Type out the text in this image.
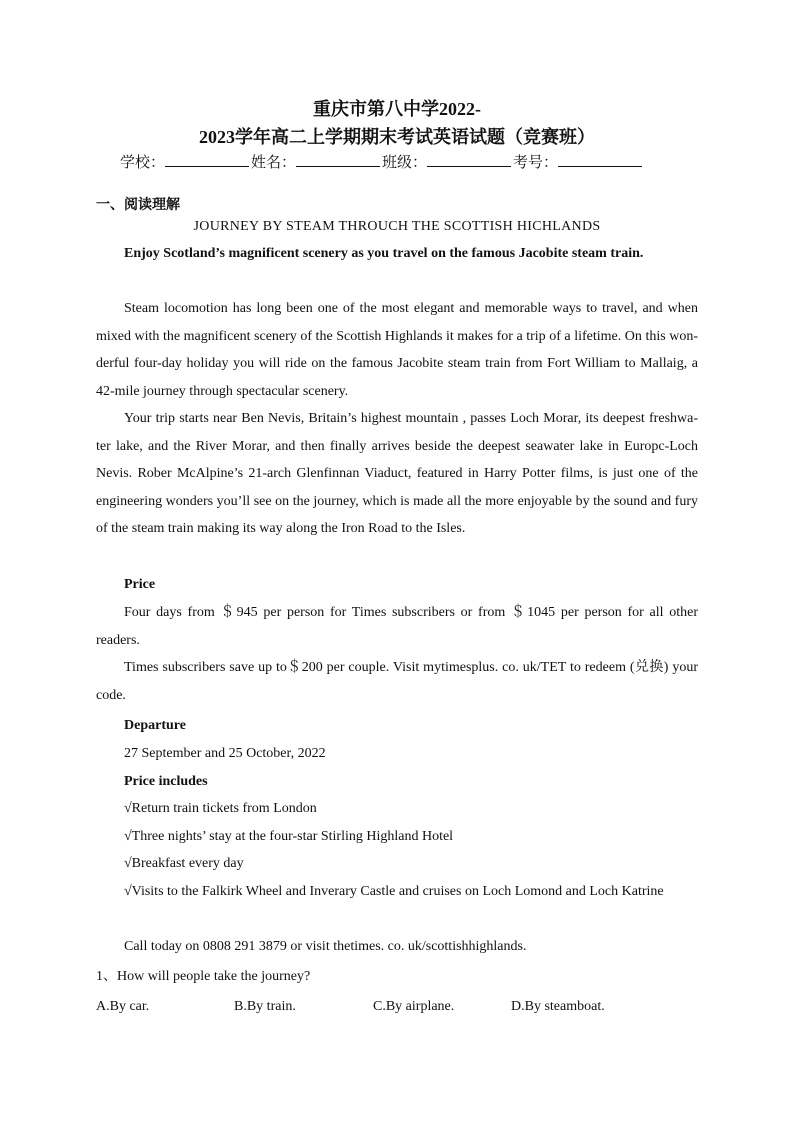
重庆市第八中学2022-
2023学年高二上学期期末考试英语试题（竞赛班）
学校：	姓名：	班级：	考号：
一、阅读理解
JOURNEY BY STEAM THROUCH THE SCOTTISH HICHLANDS

Enjoy Scotland’s magnificent scenery as you travel on the famous Jacobite steam train.

Steam locomotion has long been one of the most elegant and memorable ways to travel, and when mixed with the magnificent scenery of the Scottish Highlands it makes for a trip of a lifetime. On this won-derful four-day holiday you will ride on the famous Jacobite steam train from Fort William to Mallaig, a 42-mile journey through spectacular scenery.

Your trip starts near Ben Nevis, Britain’s highest mountain , passes Loch Morar, its deepest freshwa-ter lake, and the River Morar, and then finally arrives beside the deepest seawater lake in Europc-Loch Nevis. Rober McAlpine’s 21-arch Glenfinnan Viaduct, featured in Harry Potter films, is just one of the engineering wonders you’ll see on the journey, which is made all the more enjoyable by the sound and fury of the steam train making its way along the Iron Road to the Isles.

Price

Four days from ＄945 per person for Times subscribers or from ＄1045 per person for all other readers.

Times subscribers save up to＄200 per couple. Visit mytimesplus. co. uk/TET to redeem (兑换) your code.

Departure

27 September and 25 October, 2022

Price includes

√Return train tickets from London

√Three nights’ stay at the four-star Stirling Highland Hotel

√Breakfast every day

√Visits to the Falkirk Wheel and Inverary Castle and cruises on Loch Lomond and Loch Katrine

Call today on 0808 291 3879 or visit thetimes. co. uk/scottishhighlands.

1、How will people take the journey?
A.By car.	B.By train.	C.By airplane.	D.By steamboat.
